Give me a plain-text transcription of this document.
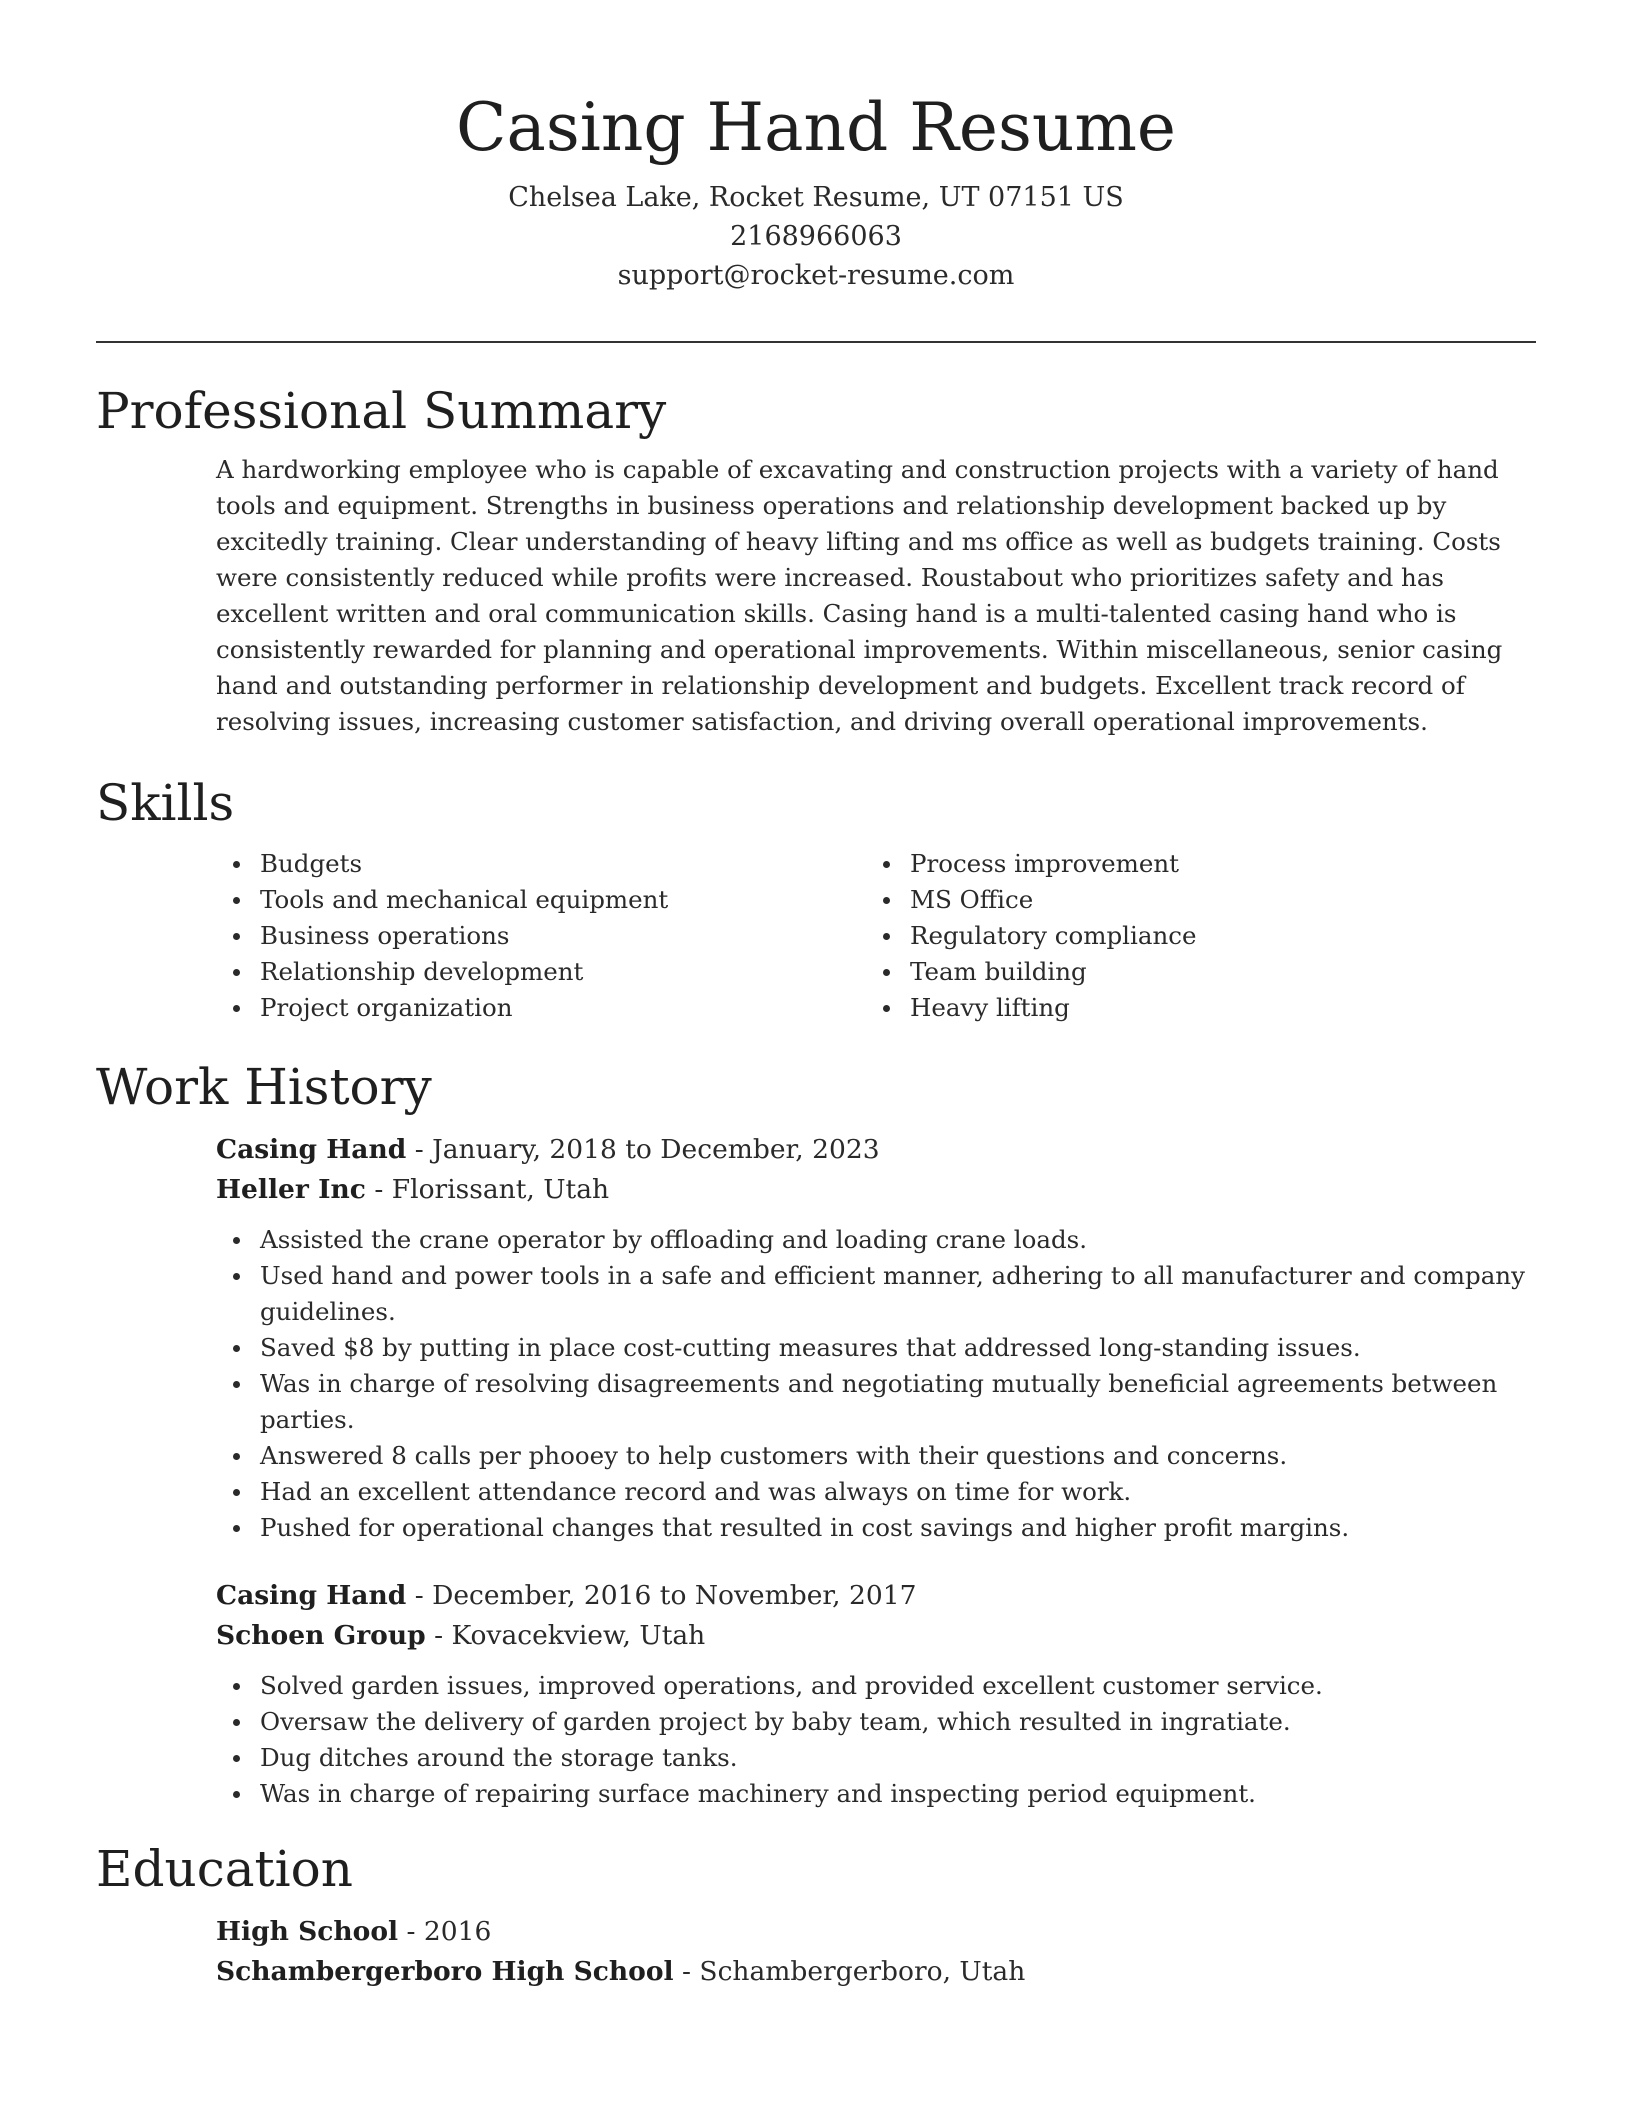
Casing Hand Resume
Chelsea Lake, Rocket Resume, UT 07151 US
2168966063
support@rocket-resume.com
Professional Summary
A hardworking employee who is capable of excavating and construction projects with a variety of hand tools and equipment. Strengths in business operations and relationship development backed up by excitedly training. Clear understanding of heavy lifting and ms office as well as budgets training. Costs were consistently reduced while profits were increased. Roustabout who prioritizes safety and has excellent written and oral communication skills. Casing hand is a multi-talented casing hand who is consistently rewarded for planning and operational improvements. Within miscellaneous, senior casing hand and outstanding performer in relationship development and budgets. Excellent track record of resolving issues, increasing customer satisfaction, and driving overall operational improvements.
Skills
Budgets
Tools and mechanical equipment
Business operations
Relationship development
Project organization
Process improvement
MS Office
Regulatory compliance
Team building
Heavy lifting
Work History
Casing Hand - January, 2018 to December, 2023
Heller Inc - Florissant, Utah
Assisted the crane operator by offloading and loading crane loads.
Used hand and power tools in a safe and efficient manner, adhering to all manufacturer and company guidelines.
Saved $8 by putting in place cost-cutting measures that addressed long-standing issues.
Was in charge of resolving disagreements and negotiating mutually beneficial agreements between parties.
Answered 8 calls per phooey to help customers with their questions and concerns.
Had an excellent attendance record and was always on time for work.
Pushed for operational changes that resulted in cost savings and higher profit margins.
Casing Hand - December, 2016 to November, 2017
Schoen Group - Kovacekview, Utah
Solved garden issues, improved operations, and provided excellent customer service.
Oversaw the delivery of garden project by baby team, which resulted in ingratiate.
Dug ditches around the storage tanks.
Was in charge of repairing surface machinery and inspecting period equipment.
Education
High School - 2016
Schambergerboro High School - Schambergerboro, Utah
